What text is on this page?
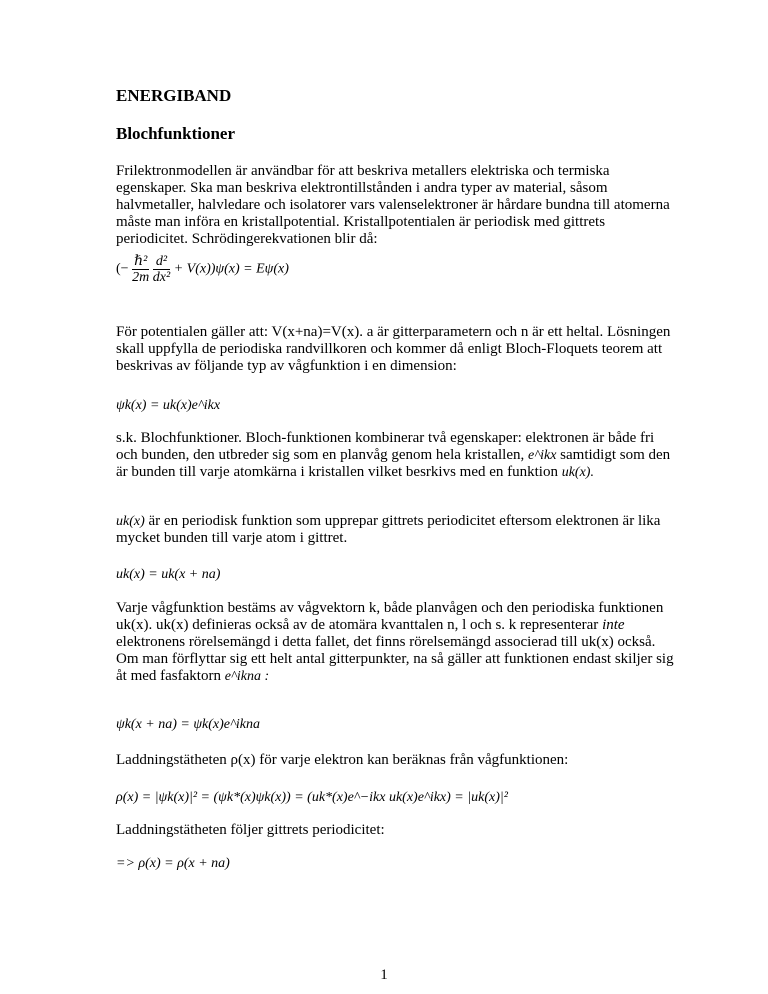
ENERGIBAND
Blochfunktioner
Frilektronmodellen är användbar för att beskriva metallers elektriska och termiska egenskaper. Ska man beskriva elektrontillstånden i andra typer av material, såsom halvmetaller, halvledare och isolatorer vars valenselektroner är hårdare bundna till atomerna måste man införa en kristallpotential. Kristallpotentialen är periodisk med gittrets periodicitet. Schrödingerekvationen blir då:
(− $\frac{\text{ℏ²}}{2m}$
$\frac{\text{d²}}{\text{dx²}} + V(x))\psi(x) = E\psi(x)$
För potentialen gäller att: V(x+na)=V(x). a är gitterparametern och n är ett heltal. Lösningen skall uppfylla de periodiska randvillkoren och kommer då enligt Bloch-Floquets teorem att beskrivas av följande typ av vågfunktion i en dimension:
ψk(x) = uk(x)e^ikx
s.k. Blochfunktioner. Bloch-funktionen kombinerar två egenskaper: elektronen är både fri och bunden, den utbreder sig som en planvåg genom hela kristallen, e^ikx samtidigt som den är bunden till varje atomkärna i kristallen vilket besrkivs med en funktion uk(x).
uk(x) är en periodisk funktion som upprepar gittrets periodicitet eftersom elektronen är lika mycket bunden till varje atom i gittret.
uk(x) = uk(x + na)
Varje vågfunktion bestäms av vågvektorn k, både planvågen och den periodiska funktionen uk(x). uk(x) definieras också av de atomära kvanttalen n, l och s. k representerar inte elektronens rörelsemängd i detta fallet, det finns rörelsemängd associerad till uk(x) också. Om man förflyttar sig ett helt antal gitterpunkter, na så gäller att funktionen endast skiljer sig åt med fasfaktorn e^ikna :
ψk(x + na) = ψk(x)e^ikna
Laddningstätheten ρ(x) för varje elektron kan beräknas från vågfunktionen:
ρ(x) = |ψk(x)|² = (ψk*(x)ψk(x)) = (uk*(x)e^−ikx uk(x)e^ikx) = |uk(x)|²
Laddningstätheten följer gittrets periodicitet:
=> ρ(x) = ρ(x + na)
1
